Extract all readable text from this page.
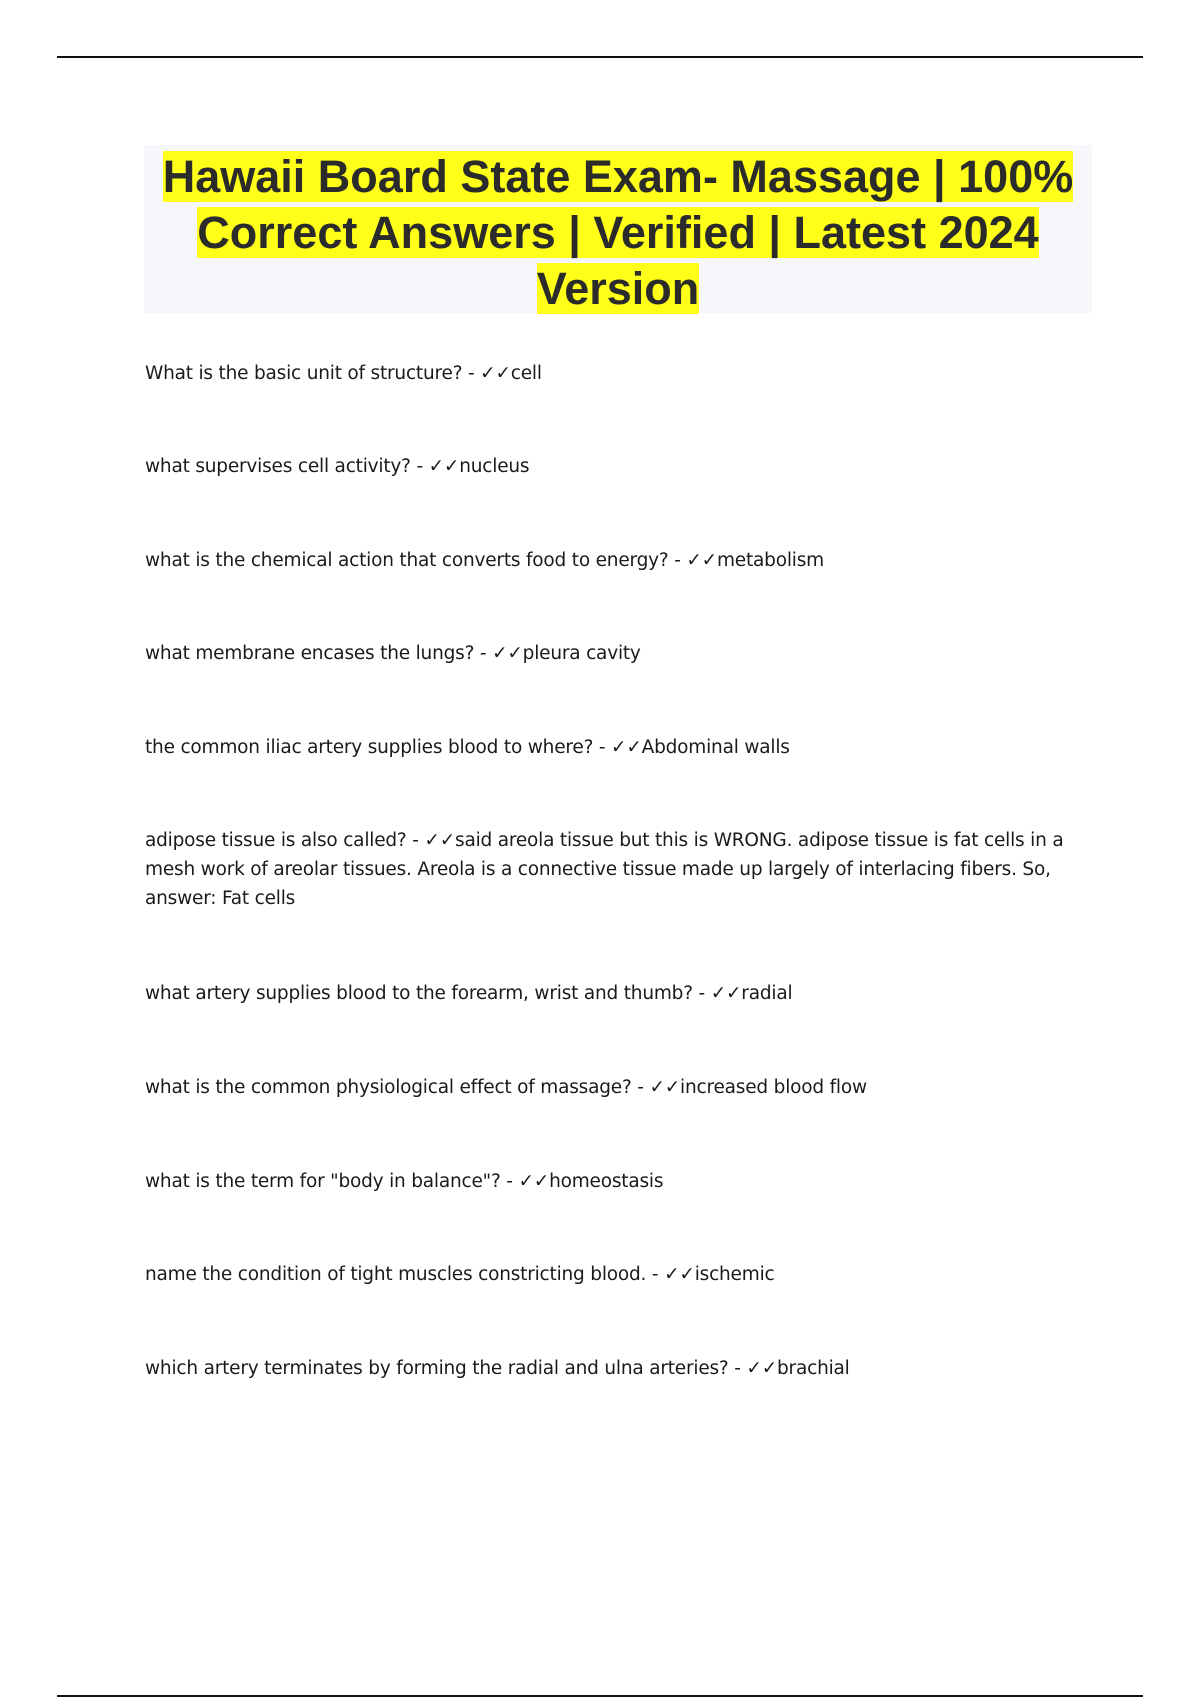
Hawaii Board State Exam- Massage | 100% Correct Answers | Verified | Latest 2024 Version
What is the basic unit of structure? - ✓✓cell
what supervises cell activity? - ✓✓nucleus
what is the chemical action that converts food to energy? - ✓✓metabolism
what membrane encases the lungs? - ✓✓pleura cavity
the common iliac artery supplies blood to where? - ✓✓Abdominal walls
adipose tissue is also called? - ✓✓said areola tissue but this is WRONG. adipose tissue is fat cells in a mesh work of areolar tissues. Areola is a connective tissue made up largely of interlacing fibers. So, answer: Fat cells
what artery supplies blood to the forearm, wrist and thumb? - ✓✓radial
what is the common physiological effect of massage? - ✓✓increased blood flow
what is the term for "body in balance"? - ✓✓homeostasis
name the condition of tight muscles constricting blood. - ✓✓ischemic
which artery terminates by forming the radial and ulna arteries? - ✓✓brachial
